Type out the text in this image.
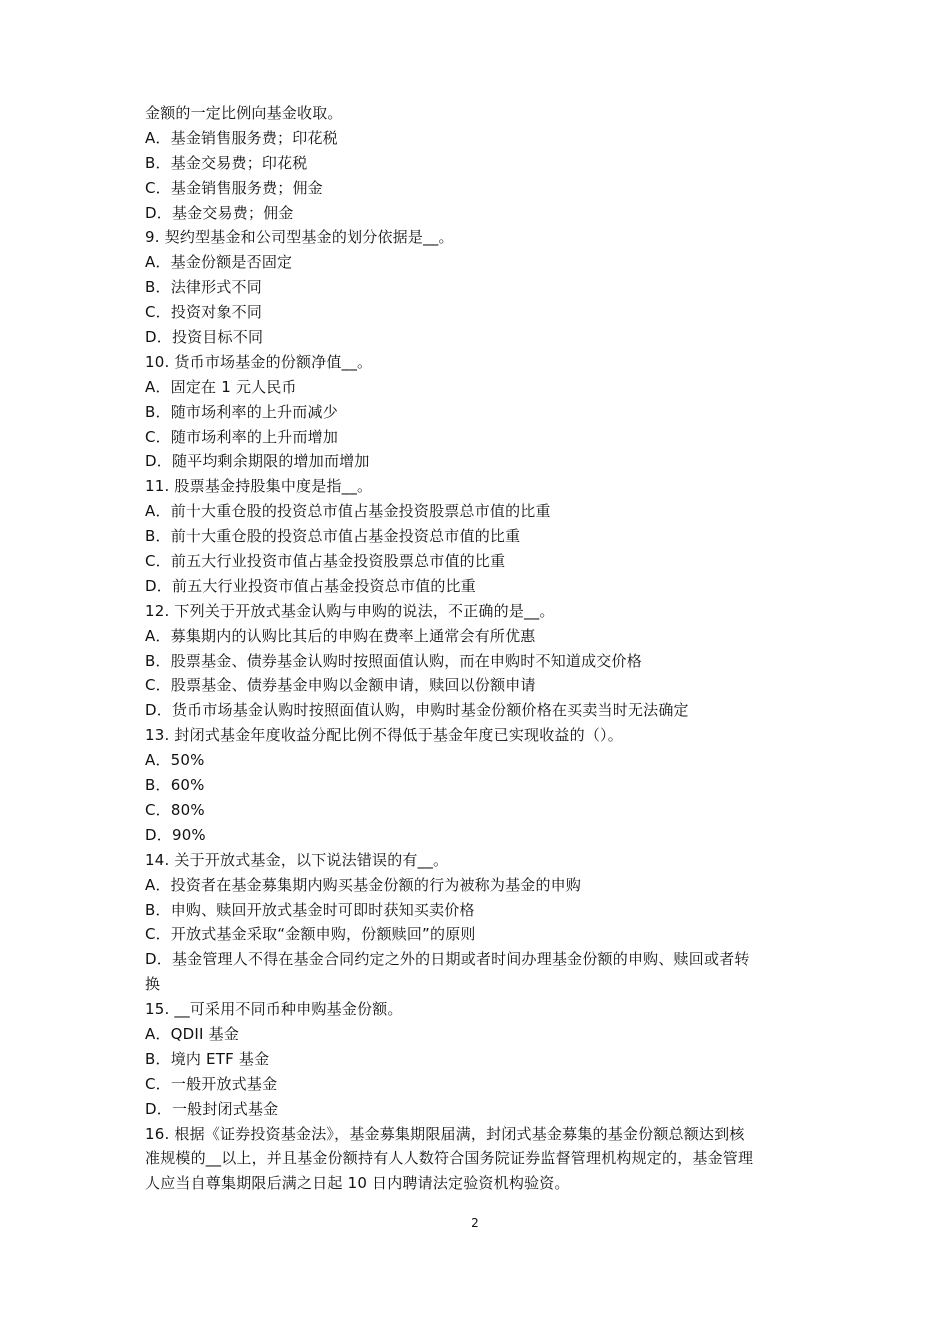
金额的一定比例向基金收取。
A．基金销售服务费；印花税
B．基金交易费；印花税
C．基金销售服务费；佣金
D．基金交易费；佣金
9. 契约型基金和公司型基金的划分依据是__。
A．基金份额是否固定
B．法律形式不同
C．投资对象不同
D．投资目标不同
10. 货币市场基金的份额净值__。
A．固定在 1 元人民币
B．随市场利率的上升而减少
C．随市场利率的上升而增加
D．随平均剩余期限的增加而增加
11. 股票基金持股集中度是指__。
A．前十大重仓股的投资总市值占基金投资股票总市值的比重
B．前十大重仓股的投资总市值占基金投资总市值的比重
C．前五大行业投资市值占基金投资股票总市值的比重
D．前五大行业投资市值占基金投资总市值的比重
12. 下列关于开放式基金认购与申购的说法，不正确的是__。
A．募集期内的认购比其后的申购在费率上通常会有所优惠
B．股票基金、债券基金认购时按照面值认购，而在申购时不知道成交价格
C．股票基金、债券基金申购以金额申请，赎回以份额申请
D．货币市场基金认购时按照面值认购，申购时基金份额价格在买卖当时无法确定
13. 封闭式基金年度收益分配比例不得低于基金年度已实现收益的（）。
A．50%
B．60%
C．80%
D．90%
14. 关于开放式基金，以下说法错误的有__。
A．投资者在基金募集期内购买基金份额的行为被称为基金的申购
B．申购、赎回开放式基金时可即时获知买卖价格
C．开放式基金采取“金额申购，份额赎回”的原则
D．基金管理人不得在基金合同约定之外的日期或者时间办理基金份额的申购、赎回或者转
换
15. __可采用不同币种申购基金份额。
A．QDII 基金
B．境内 ETF 基金
C．一般开放式基金
D．一般封闭式基金
16. 根据《证券投资基金法》，基金募集期限届满，封闭式基金募集的基金份额总额达到核
准规模的__以上，并且基金份额持有人人数符合国务院证券监督管理机构规定的，基金管理
人应当自尊集期限后满之日起 10 日内聘请法定验资机构验资。
2
